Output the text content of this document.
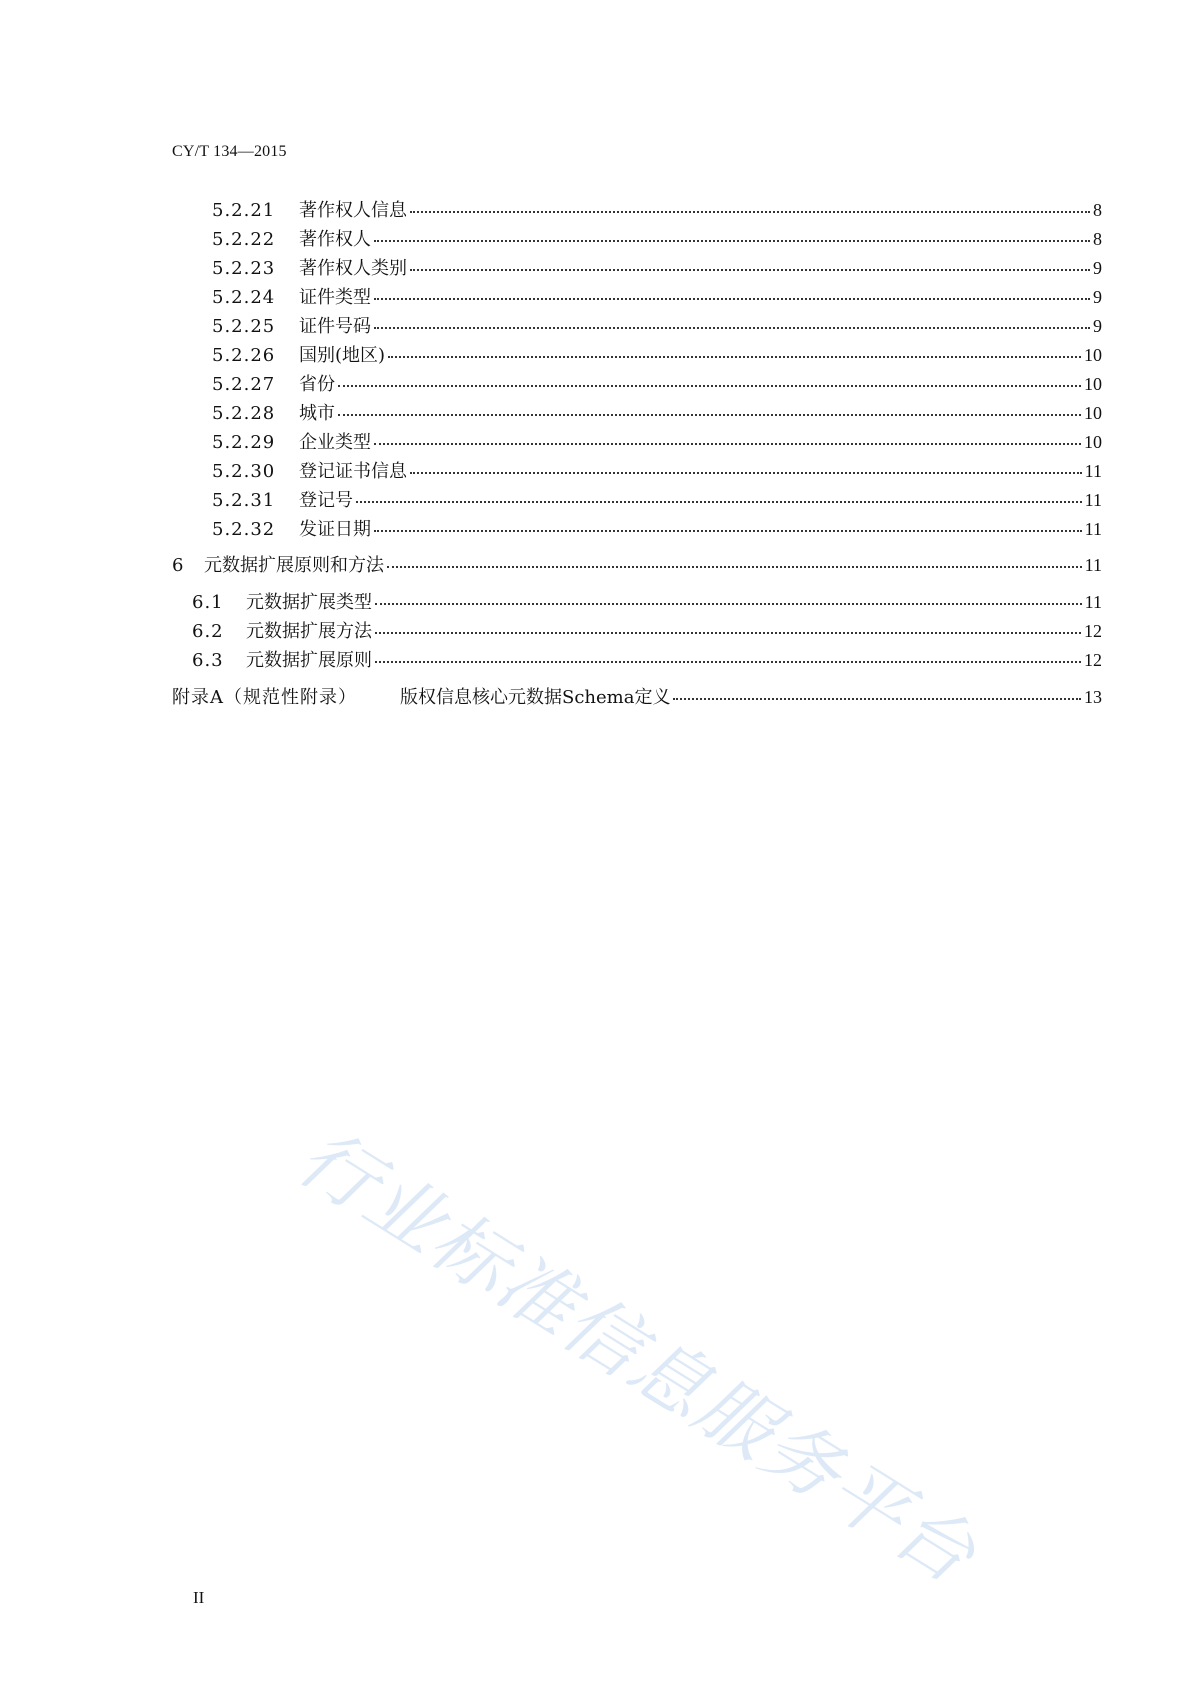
CY/T 134—2015
5.2.21	著作权人信息	8
5.2.22	著作权人	8
5.2.23	著作权人类别	9
5.2.24	证件类型	9
5.2.25	证件号码	9
5.2.26	国别(地区)	10
5.2.27	省份	10
5.2.28	城市	10
5.2.29	企业类型	10
5.2.30	登记证书信息	11
5.2.31	登记号	11
5.2.32	发证日期	11
6	元数据扩展原则和方法	11
6.1	元数据扩展类型	11
6.2	元数据扩展方法	12
6.3	元数据扩展原则	12
附录A（规范性附录）	版权信息核心元数据Schema定义	13
行业标准信息服务平台
II
